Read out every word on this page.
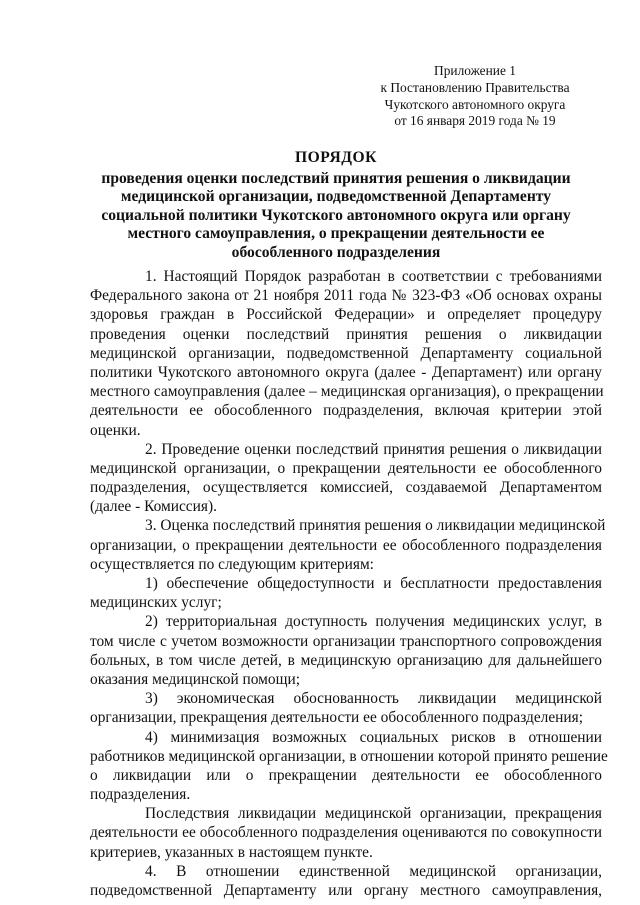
Приложение 1
к Постановлению Правительства
Чукотского автономного округа
от 16 января 2019 года № 19
ПОРЯДОК
проведения оценки последствий принятия решения о ликвидации
медицинской организации, подведомственной Департаменту
социальной политики Чукотского автономного округа или органу
местного самоуправления, о прекращении деятельности ее
обособленного подразделения
1. Настоящий Порядок разработан в соответствии с требованиями
Федерального закона от 21 ноября 2011 года № 323-ФЗ «Об основах охраны
здоровья граждан в Российской Федерации» и определяет процедуру
проведения оценки последствий принятия решения о ликвидации
медицинской организации, подведомственной Департаменту социальной
политики Чукотского автономного округа (далее - Департамент) или органу
местного самоуправления (далее – медицинская организация), о прекращении
деятельности ее обособленного подразделения, включая критерии этой
оценки.
2. Проведение оценки последствий принятия решения о ликвидации
медицинской организации, о прекращении деятельности ее обособленного
подразделения, осуществляется комиссией, создаваемой Департаментом
(далее - Комиссия).
3. Оценка последствий принятия решения о ликвидации медицинской
организации, о прекращении деятельности ее обособленного подразделения
осуществляется по следующим критериям:
1) обеспечение общедоступности и бесплатности предоставления
медицинских услуг;
2) территориальная доступность получения медицинских услуг, в
том числе с учетом возможности организации транспортного сопровождения
больных, в том числе детей, в медицинскую организацию для дальнейшего
оказания медицинской помощи;
3) экономическая обоснованность ликвидации медицинской
организации, прекращения деятельности ее обособленного подразделения;
4) минимизация возможных социальных рисков в отношении
работников медицинской организации, в отношении которой принято решение
о ликвидации или о прекращении деятельности ее обособленного
подразделения.
Последствия ликвидации медицинской организации, прекращения
деятельности ее обособленного подразделения оцениваются по совокупности
критериев, указанных в настоящем пункте.
4. В отношении единственной медицинской организации,
подведомственной Департаменту или органу местного самоуправления,
